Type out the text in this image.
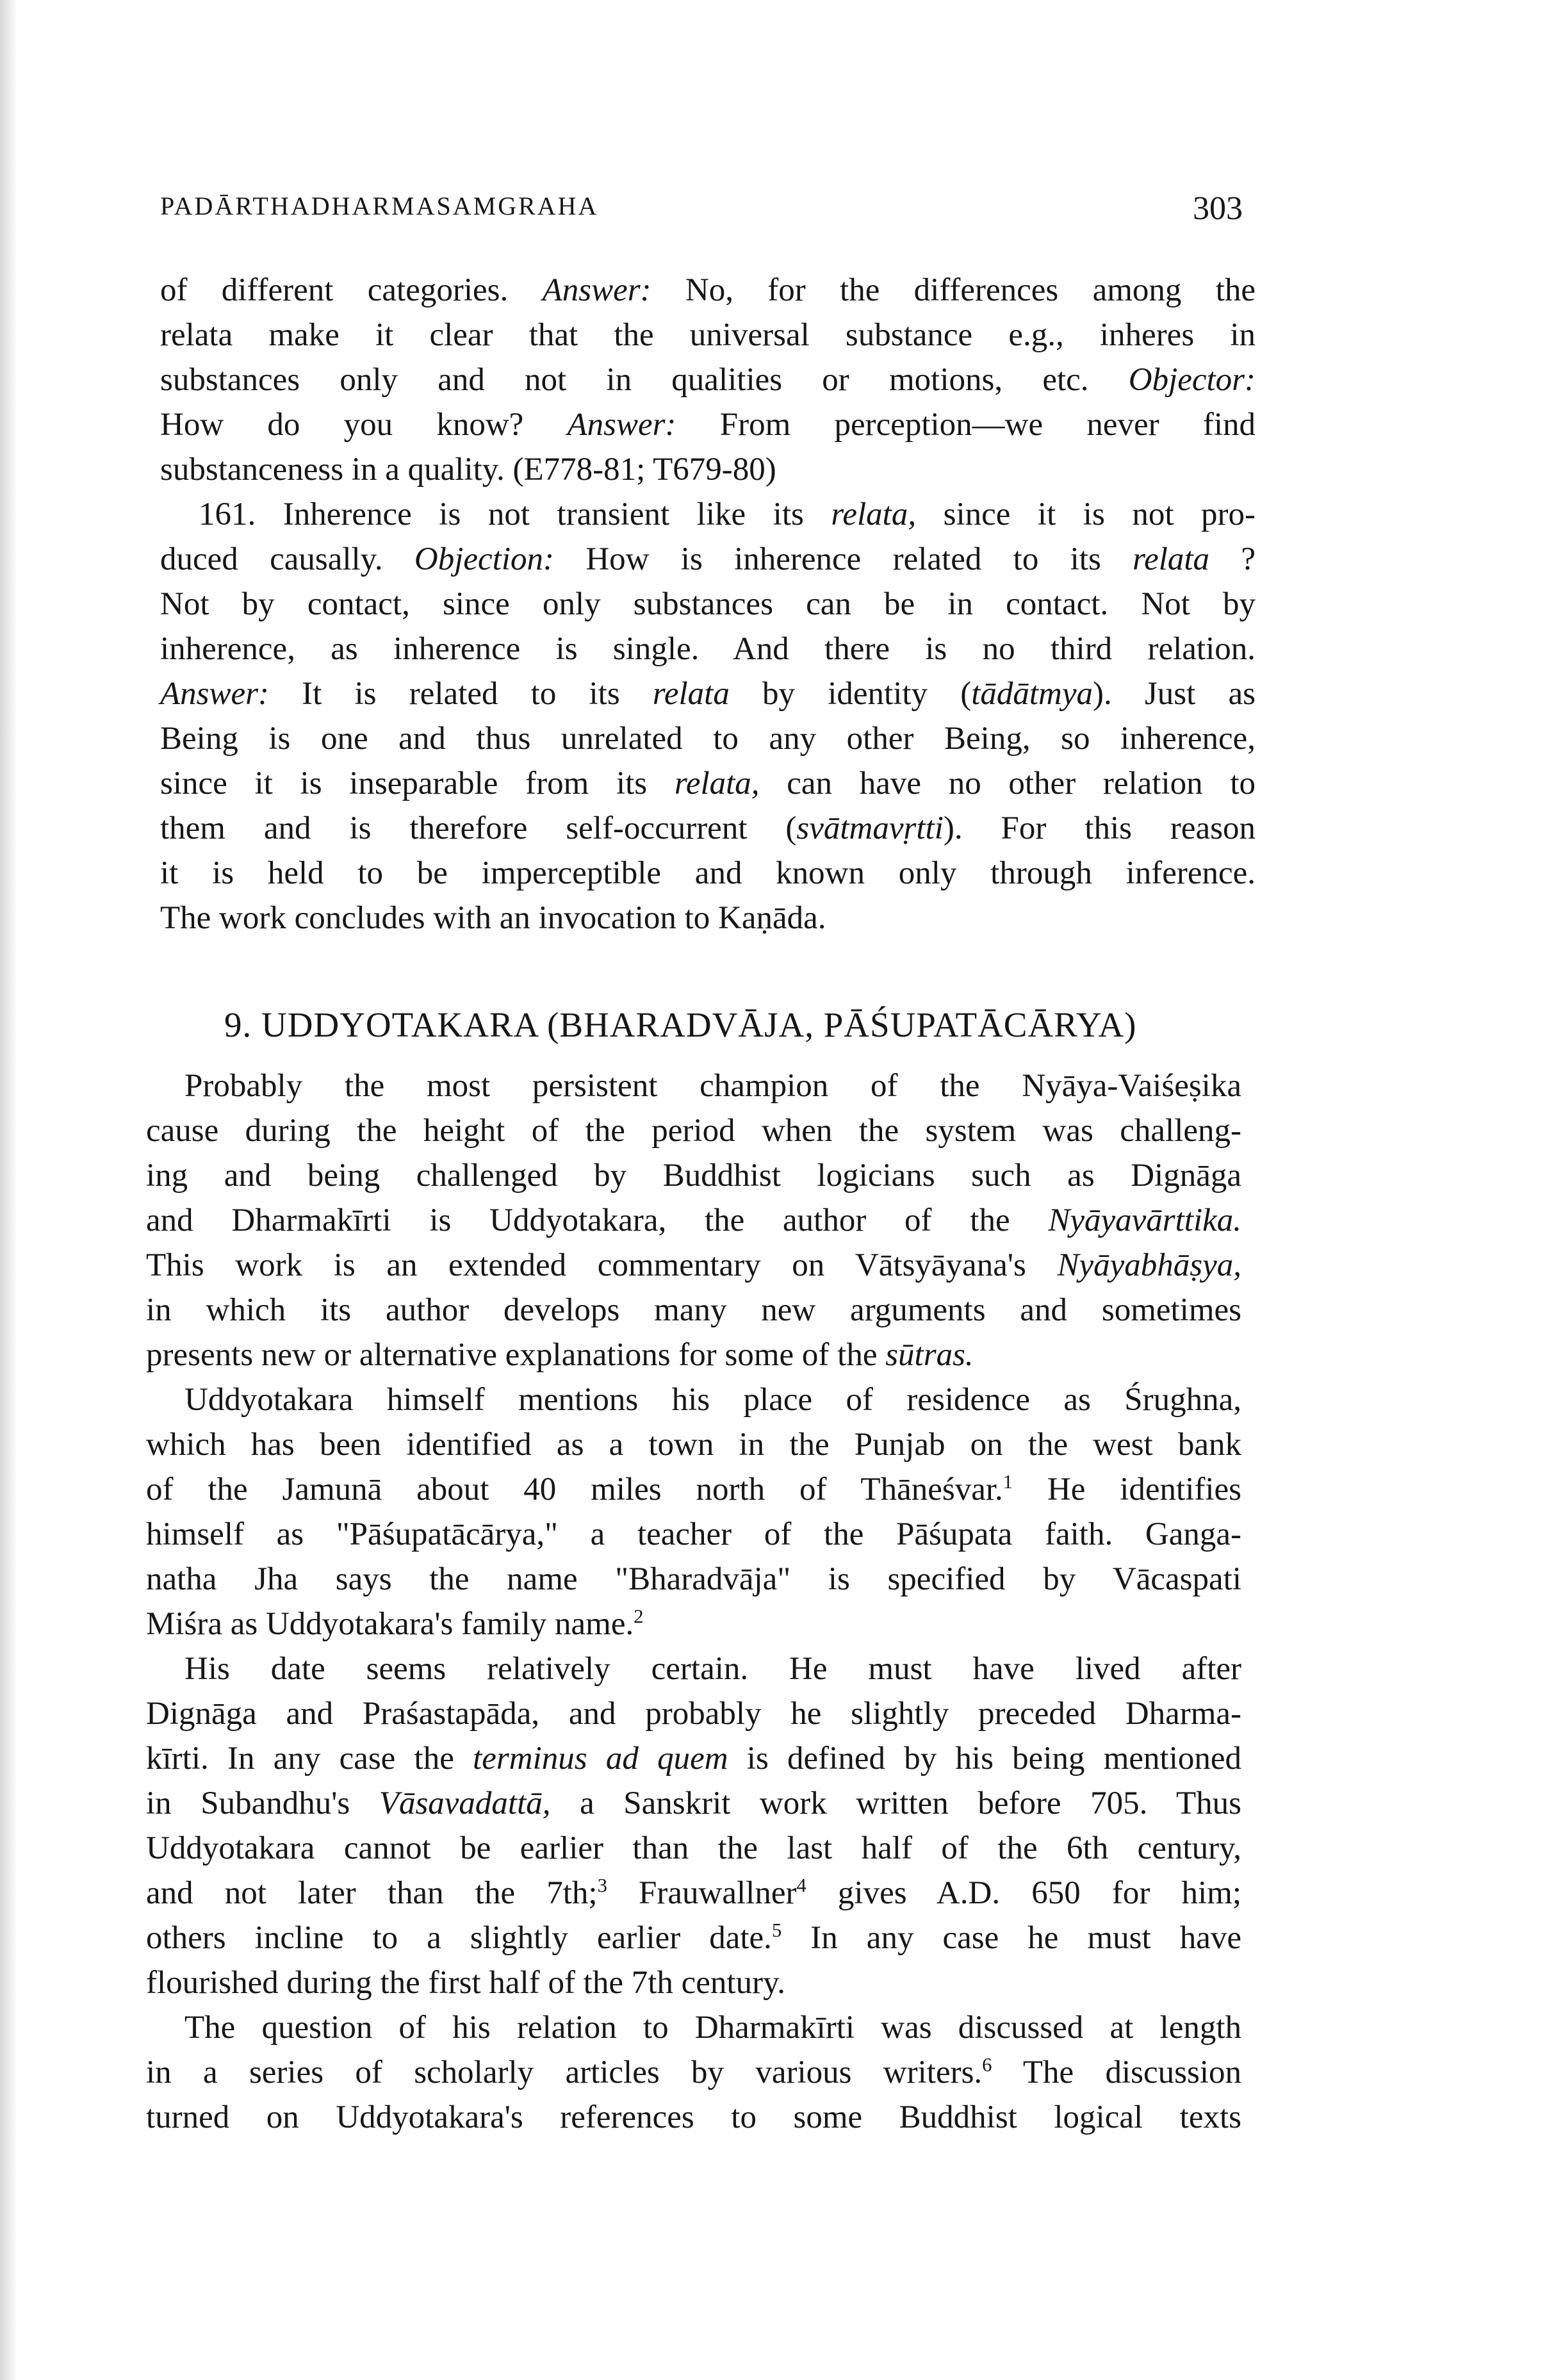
PADĀRTHADHARMASAMGRAHA	303
of different categories. Answer: No, for the differences among the
relata make it clear that the universal substance e.g., inheres in
substances only and not in qualities or motions, etc. Objector:
How do you know? Answer: From perception—we never find
substanceness in a quality. (E778-81; T679-80)
161. Inherence is not transient like its relata, since it is not pro-
duced causally. Objection: How is inherence related to its relata ?
Not by contact, since only substances can be in contact. Not by
inherence, as inherence is single. And there is no third relation.
Answer: It is related to its relata by identity (tādātmya). Just as
Being is one and thus unrelated to any other Being, so inherence,
since it is inseparable from its relata, can have no other relation to
them and is therefore self-occurrent (svātmavṛtti). For this reason
it is held to be imperceptible and known only through inference.
The work concludes with an invocation to Kaṇāda.
9. UDDYOTAKARA (BHARADVĀJA, PĀŚUPATĀCĀRYA)
Probably the most persistent champion of the Nyāya-Vaiśeṣika
cause during the height of the period when the system was challeng-
ing and being challenged by Buddhist logicians such as Dignāga
and Dharmakīrti is Uddyotakara, the author of the Nyāyavārttika.
This work is an extended commentary on Vātsyāyana's Nyāyabhāṣya,
in which its author develops many new arguments and sometimes
presents new or alternative explanations for some of the sūtras.
Uddyotakara himself mentions his place of residence as Śrughna,
which has been identified as a town in the Punjab on the west bank
of the Jamunā about 40 miles north of Thāneśvar.$^1$ He identifies
himself as "Pāśupatācārya," a teacher of the Pāśupata faith. Ganga-
natha Jha says the name "Bharadvāja" is specified by Vācaspati
Miśra as Uddyotakara's family name.$^2$
His date seems relatively certain. He must have lived after
Dignāga and Praśastapāda, and probably he slightly preceded Dharma-
kīrti. In any case the terminus ad quem is defined by his being mentioned
in Subandhu's Vāsavadattā, a Sanskrit work written before 705. Thus
Uddyotakara cannot be earlier than the last half of the 6th century,
and not later than the 7th;$^3$ Frauwallner$^4$ gives A.D. 650 for him;
others incline to a slightly earlier date.$^5$ In any case he must have
flourished during the first half of the 7th century.
The question of his relation to Dharmakīrti was discussed at length
in a series of scholarly articles by various writers.$^6$ The discussion
turned on Uddyotakara's references to some Buddhist logical texts
